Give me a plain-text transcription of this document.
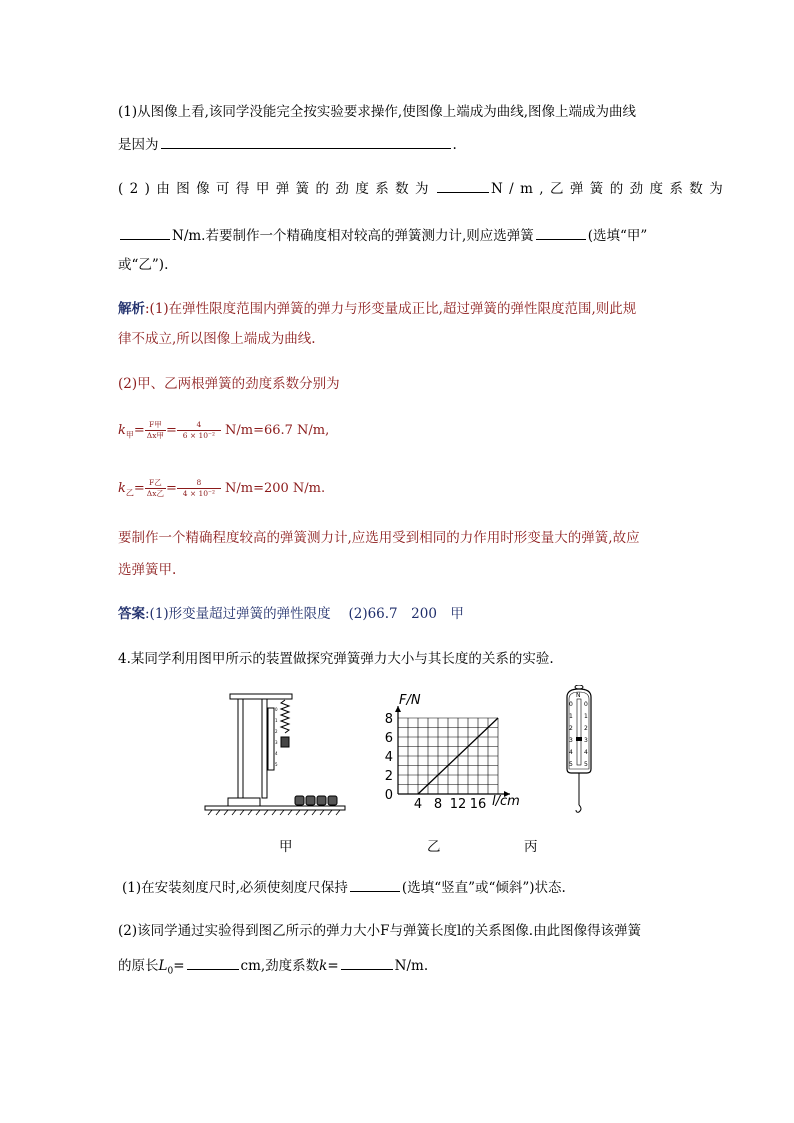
(1)从图像上看,该同学没能完全按实验要求操作,使图像上端成为曲线,图像上端成为曲线
是因为	.
(2)由图像可得甲弹簧的劲度系数为	N/m,乙弹簧的劲度系数为
N/m.若要制作一个精确度相对较高的弹簧测力计,则应选弹簧	(选填“甲”
或“乙”).
解析:(1)在弹性限度范围内弹簧的弹力与形变量成正比,超过弹簧的弹性限度范围,则此规
律不成立,所以图像上端成为曲线.
(2)甲、乙两根弹簧的劲度系数分别为
$k_甲= \frac{\text{F甲}}{\text{Δx甲}} = \frac{4}{\text{6 × 10⁻²}} N/m=66.7$ N/m,
$k_乙= \frac{\text{F乙}}{\text{Δx乙}} = \frac{8}{\text{4 × 10⁻²}} N/m=200$ N/m.
要制作一个精确程度较高的弹簧测力计,应选用受到相同的力作用时形变量大的弹簧,故应
选弹簧甲.
答案:(1)形变量超过弹簧的弹性限度　 (2)66.7　200　甲
4.某同学利用图甲所示的装置做探究弹簧弹力大小与其长度的关系的实验.
0
1
2
3
4
5
4 8 12 16
0
2
4
6
8
F/N
l/cm
N
0
1
2
3
4
5
0
1
2
3
4
5
甲	乙	丙
(1)在安装刻度尺时,必须使刻度尺保持	(选填“竖直”或“倾斜”)状态.
(2)该同学通过实验得到图乙所示的弹力大小F与弹簧长度l的关系图像.由此图像得该弹簧
的原长$L_0=$	cm,劲度系数k=	N/m.
